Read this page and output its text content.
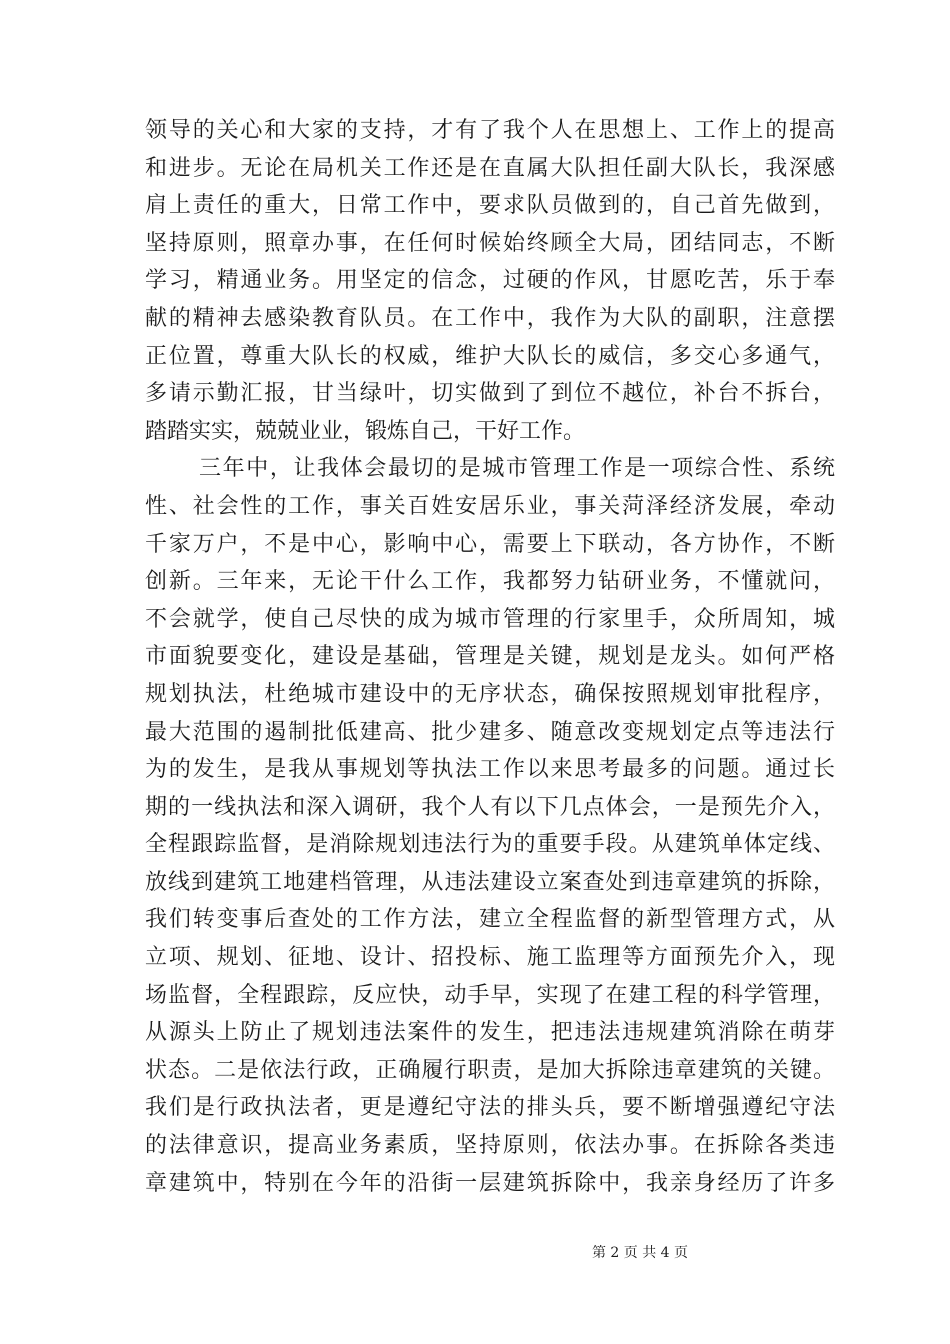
领导的关心和大家的支持，才有了我个人在思想上、工作上的提高
和进步。无论在局机关工作还是在直属大队担任副大队长，我深感
肩上责任的重大，日常工作中，要求队员做到的，自己首先做到，
坚持原则，照章办事，在任何时候始终顾全大局，团结同志，不断
学习，精通业务。用坚定的信念，过硬的作风，甘愿吃苦，乐于奉
献的精神去感染教育队员。在工作中，我作为大队的副职，注意摆
正位置，尊重大队长的权威，维护大队长的威信，多交心多通气，
多请示勤汇报，甘当绿叶，切实做到了到位不越位，补台不拆台，
踏踏实实，兢兢业业，锻炼自己，干好工作。
三年中，让我体会最切的是城市管理工作是一项综合性、系统
性、社会性的工作，事关百姓安居乐业，事关菏泽经济发展，牵动
千家万户，不是中心，影响中心，需要上下联动，各方协作，不断
创新。三年来，无论干什么工作，我都努力钻研业务，不懂就问，
不会就学，使自己尽快的成为城市管理的行家里手，众所周知，城
市面貌要变化，建设是基础，管理是关键，规划是龙头。如何严格
规划执法，杜绝城市建设中的无序状态，确保按照规划审批程序，
最大范围的遏制批低建高、批少建多、随意改变规划定点等违法行
为的发生，是我从事规划等执法工作以来思考最多的问题。通过长
期的一线执法和深入调研，我个人有以下几点体会，一是预先介入，
全程跟踪监督，是消除规划违法行为的重要手段。从建筑单体定线、
放线到建筑工地建档管理，从违法建设立案查处到违章建筑的拆除，
我们转变事后查处的工作方法，建立全程监督的新型管理方式，从
立项、规划、征地、设计、招投标、施工监理等方面预先介入，现
场监督，全程跟踪，反应快，动手早，实现了在建工程的科学管理，
从源头上防止了规划违法案件的发生，把违法违规建筑消除在萌芽
状态。二是依法行政，正确履行职责，是加大拆除违章建筑的关键。
我们是行政执法者，更是遵纪守法的排头兵，要不断增强遵纪守法
的法律意识，提高业务素质，坚持原则，依法办事。在拆除各类违
章建筑中，特别在今年的沿街一层建筑拆除中，我亲身经历了许多
第 2 页 共 4 页
